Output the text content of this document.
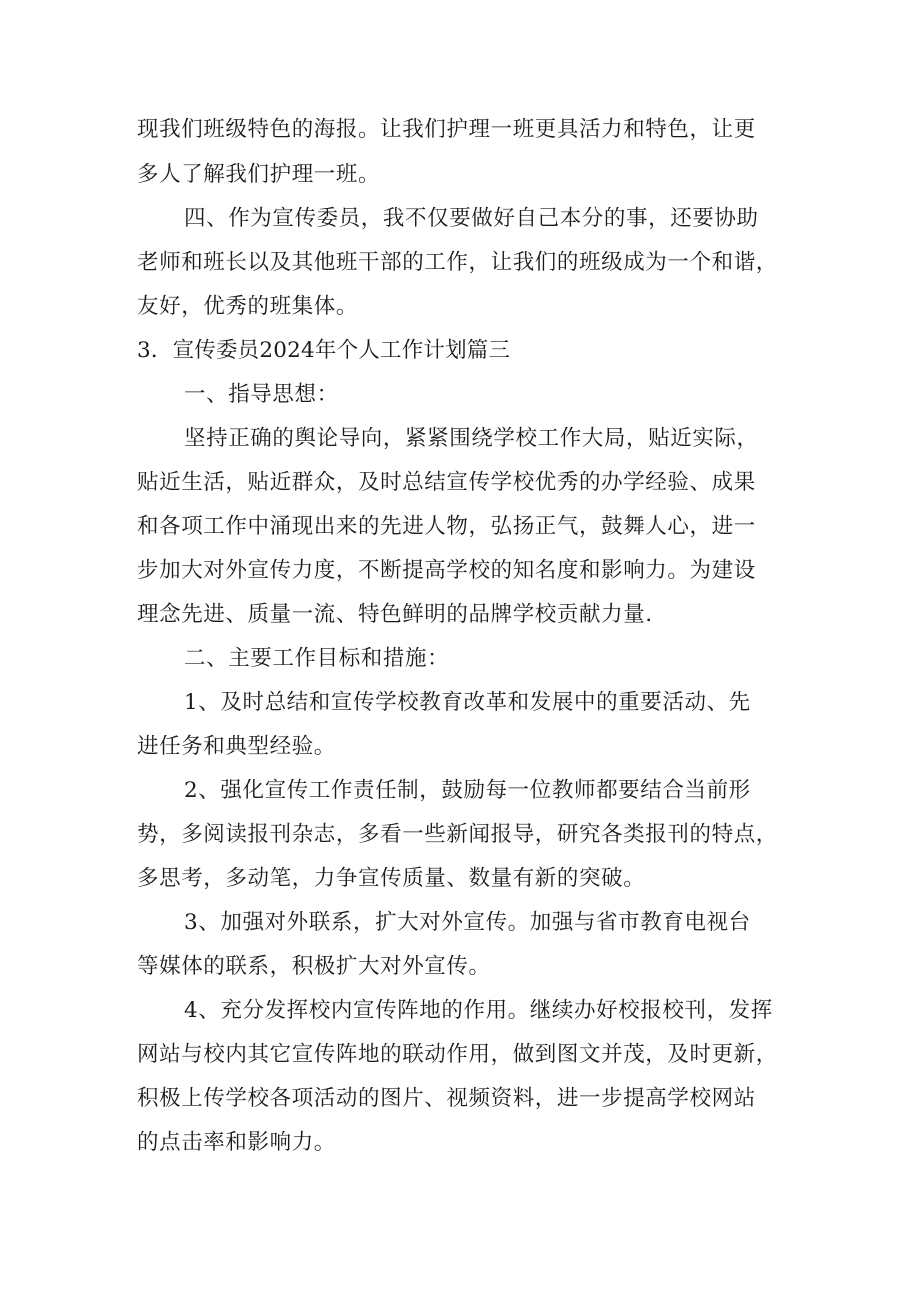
现我们班级特色的海报。让我们护理一班更具活力和特色，让更
多人了解我们护理一班。
四、作为宣传委员，我不仅要做好自己本分的事，还要协助
老师和班长以及其他班干部的工作，让我们的班级成为一个和谐，
友好，优秀的班集体。
3．宣传委员2024年个人工作计划篇三
一、指导思想：
坚持正确的舆论导向，紧紧围绕学校工作大局，贴近实际，
贴近生活，贴近群众，及时总结宣传学校优秀的办学经验、成果
和各项工作中涌现出来的先进人物，弘扬正气，鼓舞人心，进一
步加大对外宣传力度，不断提高学校的知名度和影响力。为建设
理念先进、质量一流、特色鲜明的品牌学校贡献力量.
二、主要工作目标和措施：
1、及时总结和宣传学校教育改革和发展中的重要活动、先
进任务和典型经验。
2、强化宣传工作责任制，鼓励每一位教师都要结合当前形
势，多阅读报刊杂志，多看一些新闻报导，研究各类报刊的特点，
多思考，多动笔，力争宣传质量、数量有新的突破。
3、加强对外联系，扩大对外宣传。加强与省市教育电视台
等媒体的联系，积极扩大对外宣传。
4、充分发挥校内宣传阵地的作用。继续办好校报校刊，发挥
网站与校内其它宣传阵地的联动作用，做到图文并茂，及时更新，
积极上传学校各项活动的图片、视频资料，进一步提高学校网站
的点击率和影响力。
